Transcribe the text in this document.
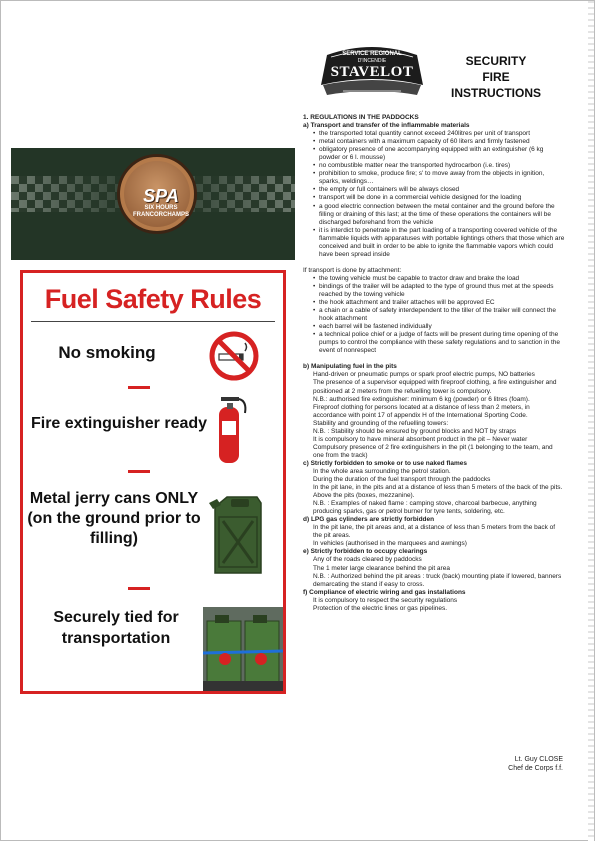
SERVICE REGIONAL
D'INCENDIE
STAVELOT
SECURITY
FIRE
INSTRUCTIONS
SPA
SIX HOURS
FRANCORCHAMPS
Fuel Safety Rules
No smoking
Fire extinguisher ready
Metal jerry cans ONLY (on the ground prior to filling)
Securely tied for transportation
1. REGULATIONS IN THE PADDOCKS
a) Transport and transfer of the inflammable materials
• the transported total quantity cannot exceed 240litres per unit of transport
• metal containers with a maximum capacity of 60 liters and firmly fastened
• obligatory presence of one accompanying equipped with an extinguisher (6 kg powder or 6 l. mousse)
• no combustible matter near the transported hydrocarbon (i.e. tires)
• prohibition to smoke, produce fire; s' to move away from the objects in ignition, sparks, weldings…
• the empty or full containers will be always closed
• transport will be done in a commercial vehicle designed for the loading
• a good electric connection between the metal container and the ground before the filling or draining of this last; at the time of these operations the containers will be discharged beforehand from the vehicle
• it is interdict to penetrate in the part loading of a transporting covered vehicle of the flammable liquids with apparatuses with portable lightings others that those which are conceived and built in order to be able to ignite the flammable vapors which could have been spread inside
If transport is done by attachment:
• the towing vehicle must be capable to tractor draw and brake the load
• bindings of the trailer will be adapted to the type of ground thus met at the speeds reached by the towing vehicle
• the hook attachment and trailer attaches will be approved EC
• a chain or a cable of safety interdependent to the tiller of the trailer will connect the hook attachment
• each barrel will be fastened individually
• a technical police chief or a judge of facts will be present during time opening of the pumps to control the compliance with these safety regulations and to sanction in the event of nonrespect
b) Manipulating fuel in the pits
Hand-driven or pneumatic pumps or spark proof electric pumps, NO batteries
The presence of a supervisor equipped with fireproof clothing, a fire extinguisher and positioned at 2 meters from the refuelling tower is compulsory.
N.B.: authorised fire extinguisher: minimum 6 kg (powder) or 6 litres (foam).
Fireproof clothing for persons located at a distance of less than 2 meters, in accordance with point 17 of appendix H of the International Sporting Code.
Stability and grounding of the refuelling towers:
N.B. : Stability should be ensured by ground blocks and NOT by straps
It is compulsory to have mineral absorbent product in the pit – Never water
Compulsory presence of 2 fire extinguishers in the pit (1 belonging to the team, and one from the track)
c) Strictly forbidden to smoke or to use naked flames
In the whole area surrounding the petrol station.
During the duration of the fuel transport through the paddocks
In the pit lane, in the pits and at a distance of less than 5 meters of the back of the pits.
Above the pits (boxes, mezzanine).
N.B. : Examples of naked flame : camping stove, charcoal barbecue, anything producing sparks, gas or petrol burner for tyre tents, soldering, etc.
d) LPG gas cylinders are strictly forbidden
In the pit lane, the pit areas and, at a distance of less than 5 meters from the back of the pit areas.
In vehicles (authorised in the marquees and awnings)
e) Strictly forbidden to occupy clearings
Any of the roads cleared by paddocks
The 1 meter large clearance behind the pit area
N.B. : Authorized behind the pit areas : truck (back) mounting plate if lowered, banners demarcating the stand if easy to cross.
f) Compliance of electric wiring and gas installations
It is compulsory to respect the security regulations
Protection of the electric lines or gas pipelines.
Lt. Guy CLOSE
Chef de Corps f.f.
